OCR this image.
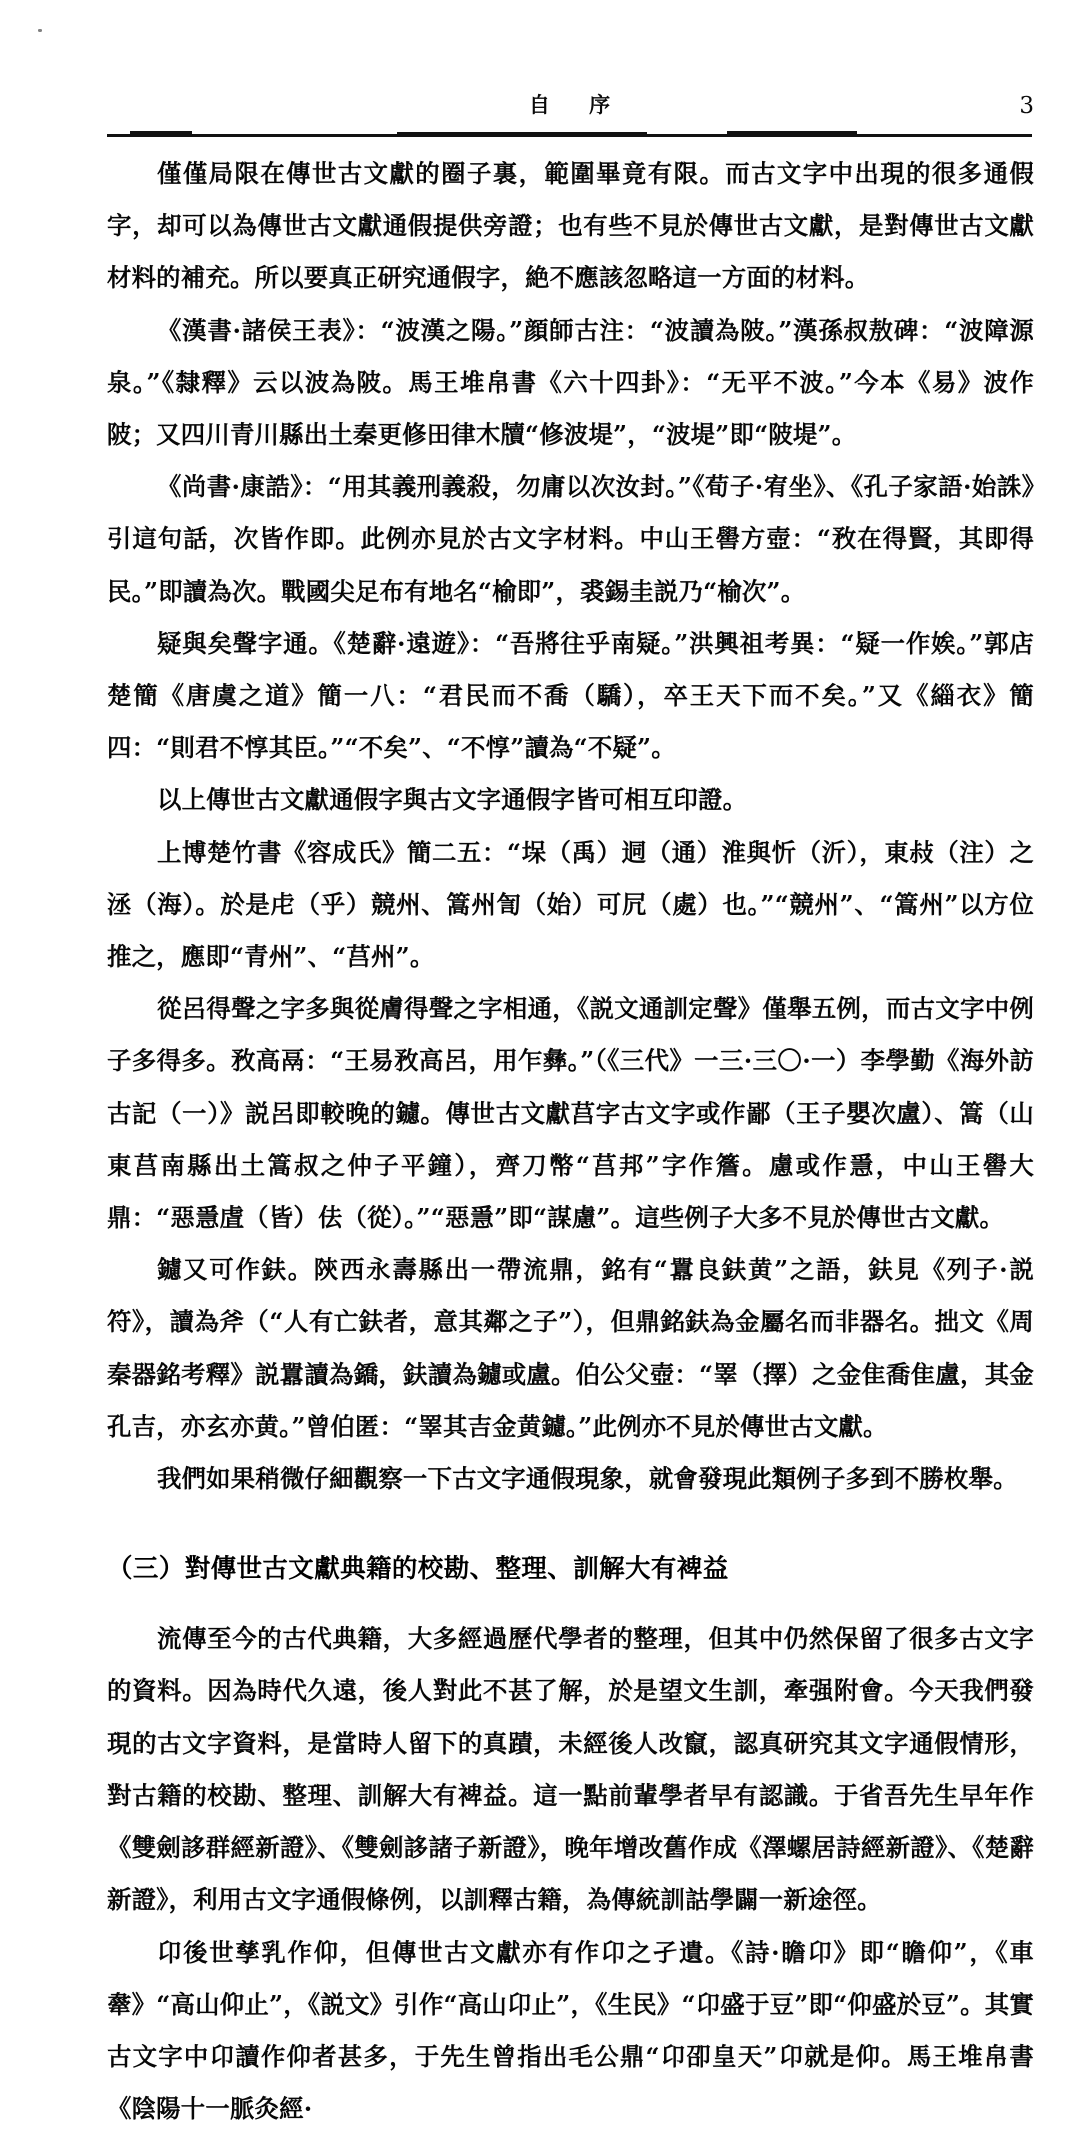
自 序	3

僅僅局限在傳世古文獻的圈子裏，範圍畢竟有限。而古文字中出現的很多通假字，却可以為傳世古文獻通假提供旁證；也有些不見於傳世古文獻，是對傳世古文獻材料的補充。所以要真正研究通假字，絶不應該忽略這一方面的材料。

《漢書·諸侯王表》：“波漢之陽。”顔師古注：“波讀為陂。”漢孫叔敖碑：“波障源泉。”《隸釋》云以波為陂。馬王堆帛書《六十四卦》：“无平不波。”今本《易》波作陂；又四川青川縣出土秦更修田律木牘“修波堤”，“波堤”即“陂堤”。

《尚書·康誥》：“用其義刑義殺，勿庸以次汝封。”《荀子·宥坐》、《孔子家語·始誅》引這句話，次皆作即。此例亦見於古文字材料。中山王嚳方壺：“敄在得賢，其即得民。”即讀為次。戰國尖足布有地名“榆即”，裘錫圭説乃“榆次”。

疑與矣聲字通。《楚辭·遠遊》：“吾將往乎南疑。”洪興祖考異：“疑一作娭。”郭店楚簡《唐虞之道》簡一八：“君民而不喬（驕），卒王天下而不矣。”又《緇衣》簡四：“則君不惇其臣。”“不矣”、“不惇”讀為“不疑”。

以上傳世古文獻通假字與古文字通假字皆可相互印證。

上博楚竹書《容成氏》簡二五：“㙅（禹）迵（通）淮與忻（沂），東敊（注）之洆（海）。於是虍（乎）競州、篙州訇（始）可凥（處）也。”“競州”、“篙州”以方位推之，應即“青州”、“莒州”。

從呂得聲之字多與從膚得聲之字相通，《説文通訓定聲》僅舉五例，而古文字中例子多得多。敄高鬲：“王易敄高呂，用乍彝。”（《三代》一三·三〇·一）李學勤《海外訪古記（一）》説呂即較晚的鑢。傳世古文獻莒字古文字或作鄙（王子嬰次盧）、篙（山東莒南縣出土篙叔之仲子平鐘），齊刀幣“莒邦”字作簷。慮或作㥯，中山王嚳大鼎：“惡㥯虘（皆）佉（從）。”“惡㥯”即“謀慮”。這些例子大多不見於傳世古文獻。

鑢又可作鈇。陝西永壽縣出一帶流鼎，銘有“囂良鈇黄”之語，鈇見《列子·説符》，讀為斧（“人有亡鈇者，意其鄰之子”），但鼎銘鈇為金屬名而非器名。拙文《周秦器銘考釋》説囂讀為鐈，鈇讀為鑢或盧。伯公父壺：“睪（擇）之金隹喬隹盧，其金孔吉，亦玄亦黄。”曾伯匿：“睪其吉金黄鑢。”此例亦不見於傳世古文獻。

我們如果稍微仔細觀察一下古文字通假現象，就會發現此類例子多到不勝枚舉。

（三）對傳世古文獻典籍的校勘、整理、訓解大有裨益

流傳至今的古代典籍，大多經過歷代學者的整理，但其中仍然保留了很多古文字的資料。因為時代久遠，後人對此不甚了解，於是望文生訓，牽强附會。今天我們發現的古文字資料，是當時人留下的真蹟，未經後人改竄，認真研究其文字通假情形，對古籍的校勘、整理、訓解大有裨益。這一點前輩學者早有認識。于省吾先生早年作《雙劍誃群經新證》、《雙劍誃諸子新證》，晚年增改舊作成《澤螺居詩經新證》、《楚辭新證》，利用古文字通假條例，以訓釋古籍，為傳統訓詁學闢一新途徑。

卬後世孳乳作仰，但傳世古文獻亦有作卬之孑遺。《詩·瞻卬》即“瞻仰”，《車舝》“高山仰止”，《説文》引作“高山卬止”，《生民》“卬盛于豆”即“仰盛於豆”。其實古文字中卬讀作仰者甚多，于先生曾指出毛公鼎“卬卲皇天”卬就是仰。馬王堆帛書《陰陽十一脈灸經·
